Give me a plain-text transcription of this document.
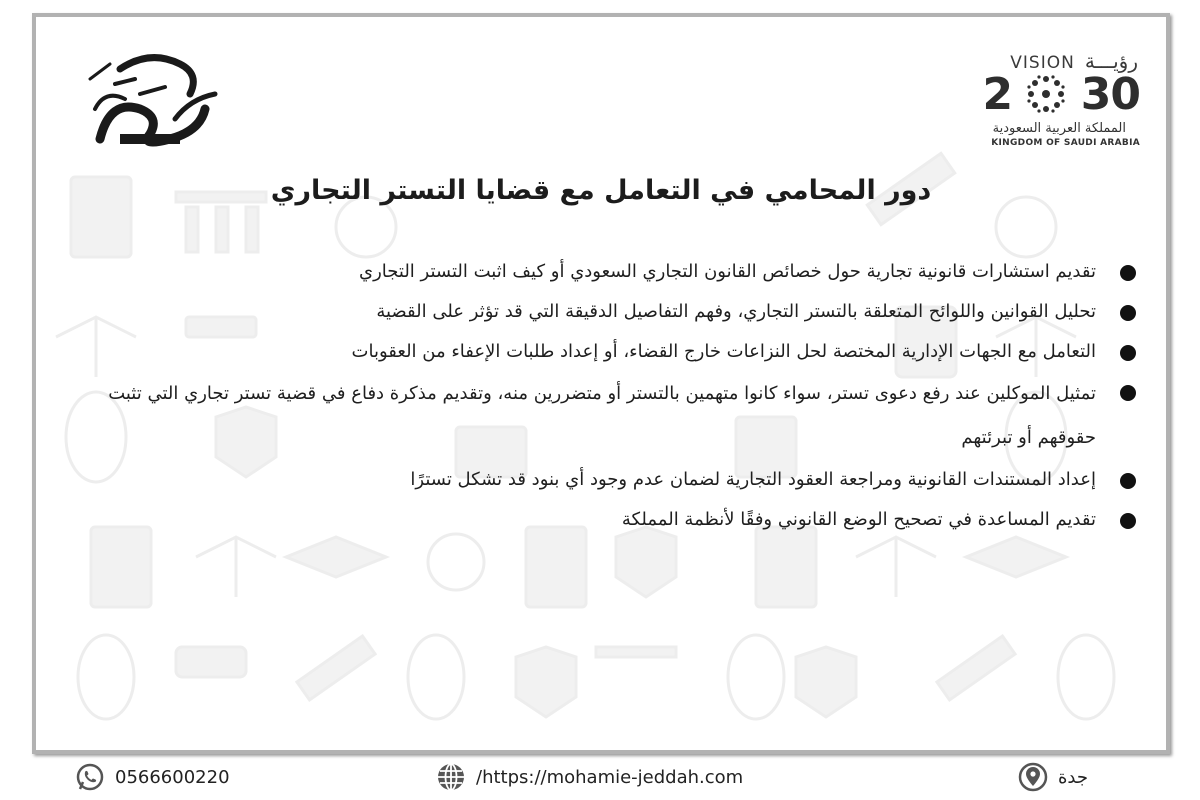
VISION رؤيـــة
2 30
المملكة العربية السعودية
KINGDOM OF SAUDI ARABIA
دور المحامي في التعامل مع قضايا التستر التجاري
تقديم استشارات قانونية تجارية حول خصائص القانون التجاري السعودي أو كيف اثبت التستر التجاري
تحليل القوانين واللوائح المتعلقة بالتستر التجاري، وفهم التفاصيل الدقيقة التي قد تؤثر على القضية
التعامل مع الجهات الإدارية المختصة لحل النزاعات خارج القضاء، أو إعداد طلبات الإعفاء من العقوبات
تمثيل الموكلين عند رفع دعوى تستر، سواء كانوا متهمين بالتستر أو متضررين منه، وتقديم مذكرة دفاع في قضية تستر تجاري التي تثبت حقوقهم أو تبرئتهم
إعداد المستندات القانونية ومراجعة العقود التجارية لضمان عدم وجود أي بنود قد تشكل تسترًا
تقديم المساعدة في تصحيح الوضع القانوني وفقًا لأنظمة المملكة
0566600220	/https://mohamie-jeddah.com	جدة
